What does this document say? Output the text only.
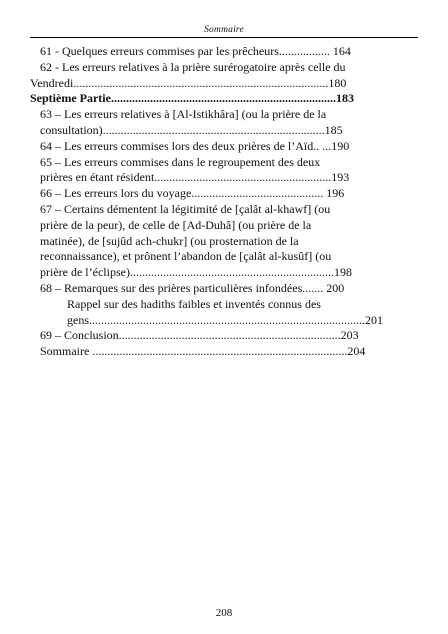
Sommaire
61 - Quelques erreurs commises par les prêcheurs................. 164
62 - Les erreurs relatives à la prière surérogatoire après celle du
Vendredi.....................................................................................180
Septième Partie...........................................................................183
63 – Les erreurs relatives à [Al-Istikhâra] (ou la prière de la
consultation)..........................................................................185
64 – Les erreurs commises lors des deux prières de l’Aïd.. ...190
65 – Les erreurs commises dans le regroupement des deux
prières en étant résident...........................................................193
66 – Les erreurs lors du voyage............................................ 196
67 – Certains démentent la légitimité de [çalât al-khawf] (ou
prière de la peur), de celle de [Ad-Duhâ] (ou prière de la
matinée), de [sujûd ach-chukr] (ou prosternation de la
reconnaissance), et prônent l’abandon de [çalât al-kusûf] (ou
prière de l’éclipse)....................................................................198
68 – Remarques sur des prières particulières infondées....... 200
Rappel sur des hadiths faibles et inventés connus des
gens............................................................................................201
69 – Conclusion..........................................................................203
Sommaire .....................................................................................204
208
